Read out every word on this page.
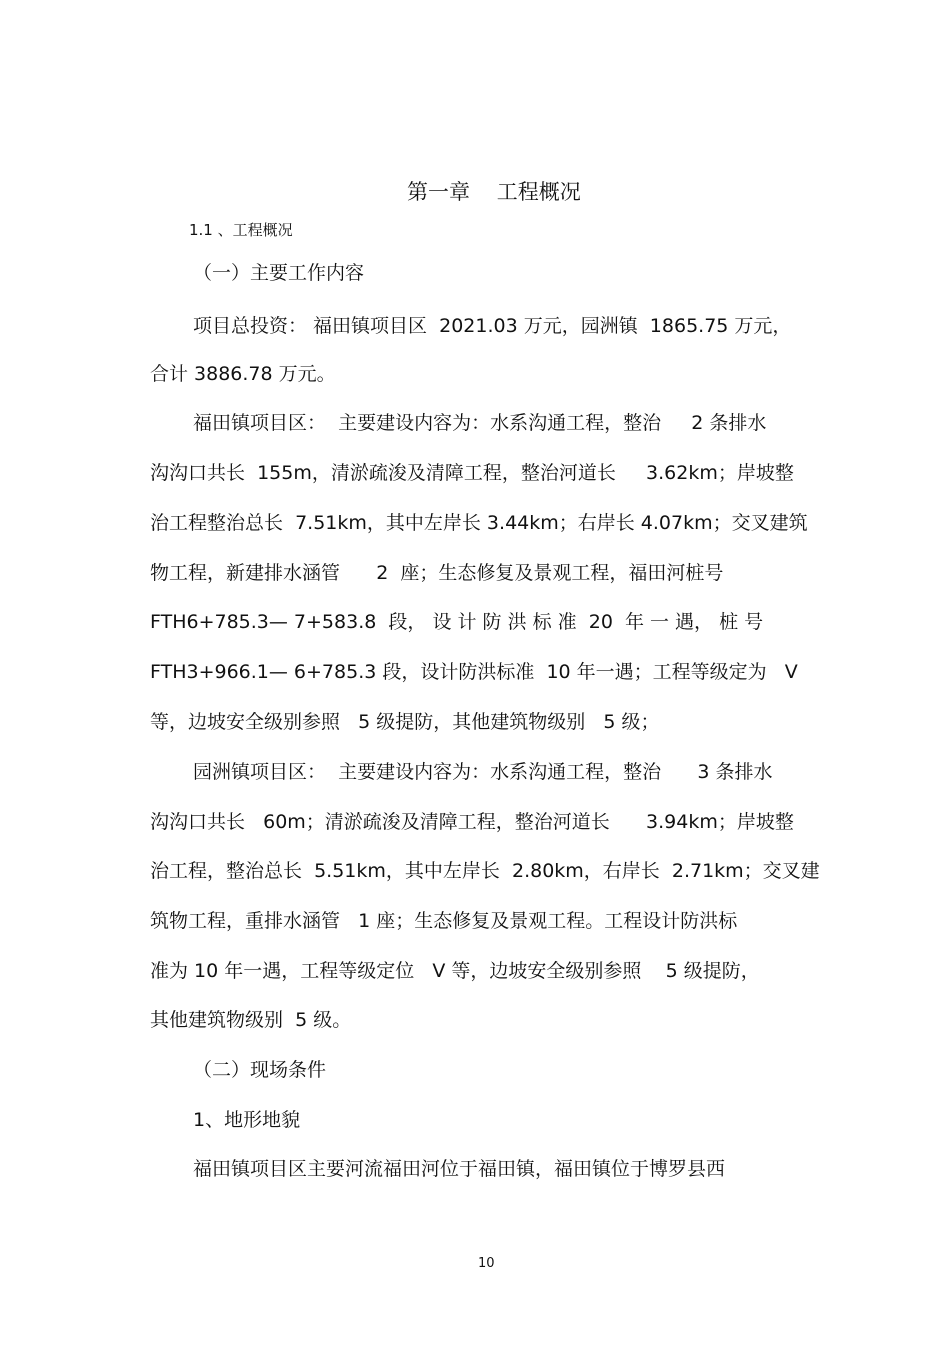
第一章    工程概况
1.1 、工程概况
（一）主要工作内容
项目总投资： 福田镇项目区  2021.03 万元，园洲镇  1865.75 万元，
合计 3886.78 万元。
福田镇项目区：  主要建设内容为：水系沟通工程，整治     2 条排水
沟沟口共长  155m，清淤疏浚及清障工程，整治河道长     3.62km；岸坡整
治工程整治总长  7.51km，其中左岸长 3.44km；右岸长 4.07km；交叉建筑
物工程，新建排水涵管      2  座；生态修复及景观工程，福田河桩号
FTH6+785.3— 7+583.8  段， 设 计 防 洪 标 准  20  年 一 遇， 桩 号
FTH3+966.1— 6+785.3 段，设计防洪标准  10 年一遇；工程等级定为   V
等，边坡安全级别参照   5 级提防，其他建筑物级别   5 级；
园洲镇项目区：  主要建设内容为：水系沟通工程，整治      3 条排水
沟沟口共长   60m；清淤疏浚及清障工程，整治河道长      3.94km；岸坡整
治工程，整治总长  5.51km，其中左岸长  2.80km，右岸长  2.71km；交叉建
筑物工程，重排水涵管   1 座；生态修复及景观工程。工程设计防洪标
准为 10 年一遇，工程等级定位   V 等，边坡安全级别参照    5 级提防，
其他建筑物级别  5 级。
（二）现场条件
1、地形地貌
福田镇项目区主要河流福田河位于福田镇，福田镇位于博罗县西
10
